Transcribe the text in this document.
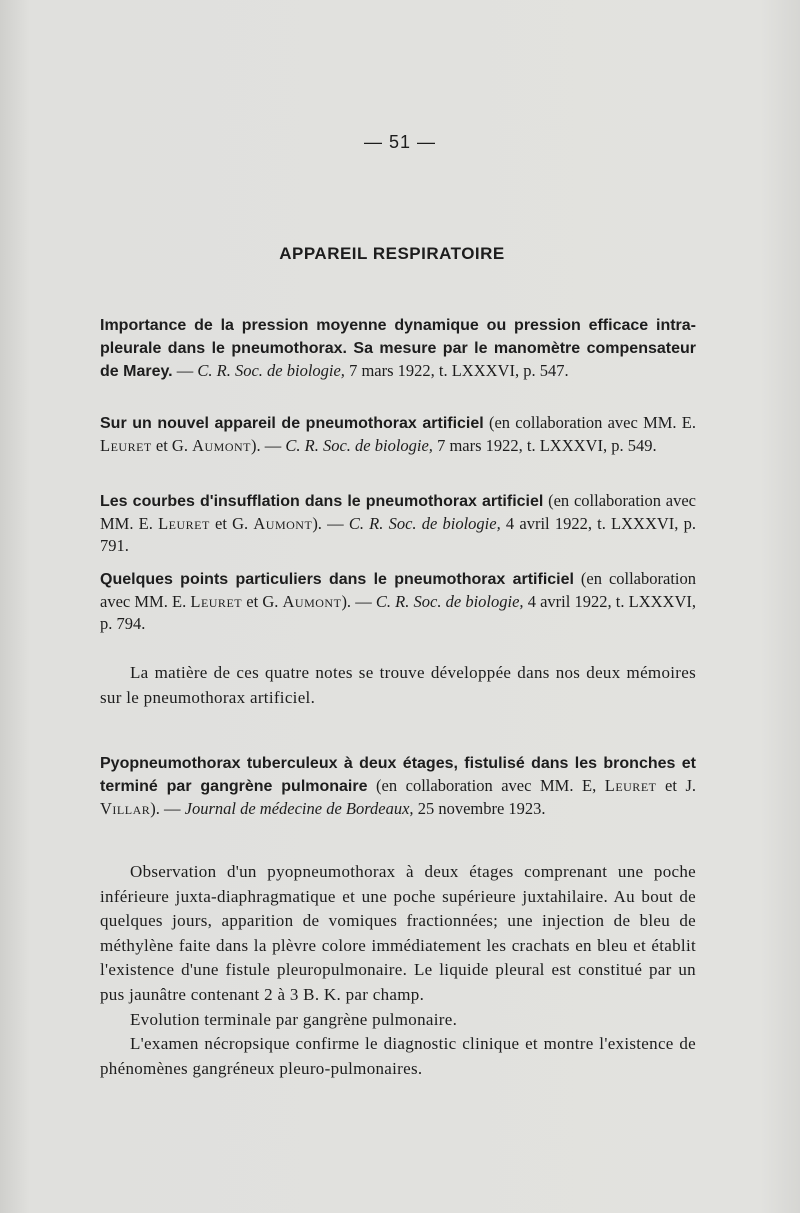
— 51 —
APPAREIL RESPIRATOIRE
Importance de la pression moyenne dynamique ou pression efficace intra-pleurale dans le pneumothorax. Sa mesure par le manomètre compensateur de Marey. — C. R. Soc. de biologie, 7 mars 1922, t. LXXXVI, p. 547.
Sur un nouvel appareil de pneumothorax artificiel (en collaboration avec MM. E. Leuret et G. Aumont). — C. R. Soc. de biologie, 7 mars 1922, t. LXXXVI, p. 549.
Les courbes d'insufflation dans le pneumothorax artificiel (en collaboration avec MM. E. Leuret et G. Aumont). — C. R. Soc. de biologie, 4 avril 1922, t. LXXXVI, p. 791.
Quelques points particuliers dans le pneumothorax artificiel (en collaboration avec MM. E. Leuret et G. Aumont). — C. R. Soc. de biologie, 4 avril 1922, t. LXXXVI, p. 794.
La matière de ces quatre notes se trouve développée dans nos deux mémoires sur le pneumothorax artificiel.
Pyopneumothorax tuberculeux à deux étages, fistulisé dans les bronches et terminé par gangrène pulmonaire (en collaboration avec MM. E, Leuret et J. Villar). — Journal de médecine de Bordeaux, 25 novembre 1923.

Observation d'un pyopneumothorax à deux étages comprenant une poche inférieure juxta-diaphragmatique et une poche supérieure juxtahilaire. Au bout de quelques jours, apparition de vomiques fractionnées; une injection de bleu de méthylène faite dans la plèvre colore immédiatement les crachats en bleu et établit l'existence d'une fistule pleuropulmonaire. Le liquide pleural est constitué par un pus jaunâtre contenant 2 à 3 B. K. par champ.

Evolution terminale par gangrène pulmonaire.

L'examen nécropsique confirme le diagnostic clinique et montre l'existence de phénomènes gangréneux pleuro-pulmonaires.
